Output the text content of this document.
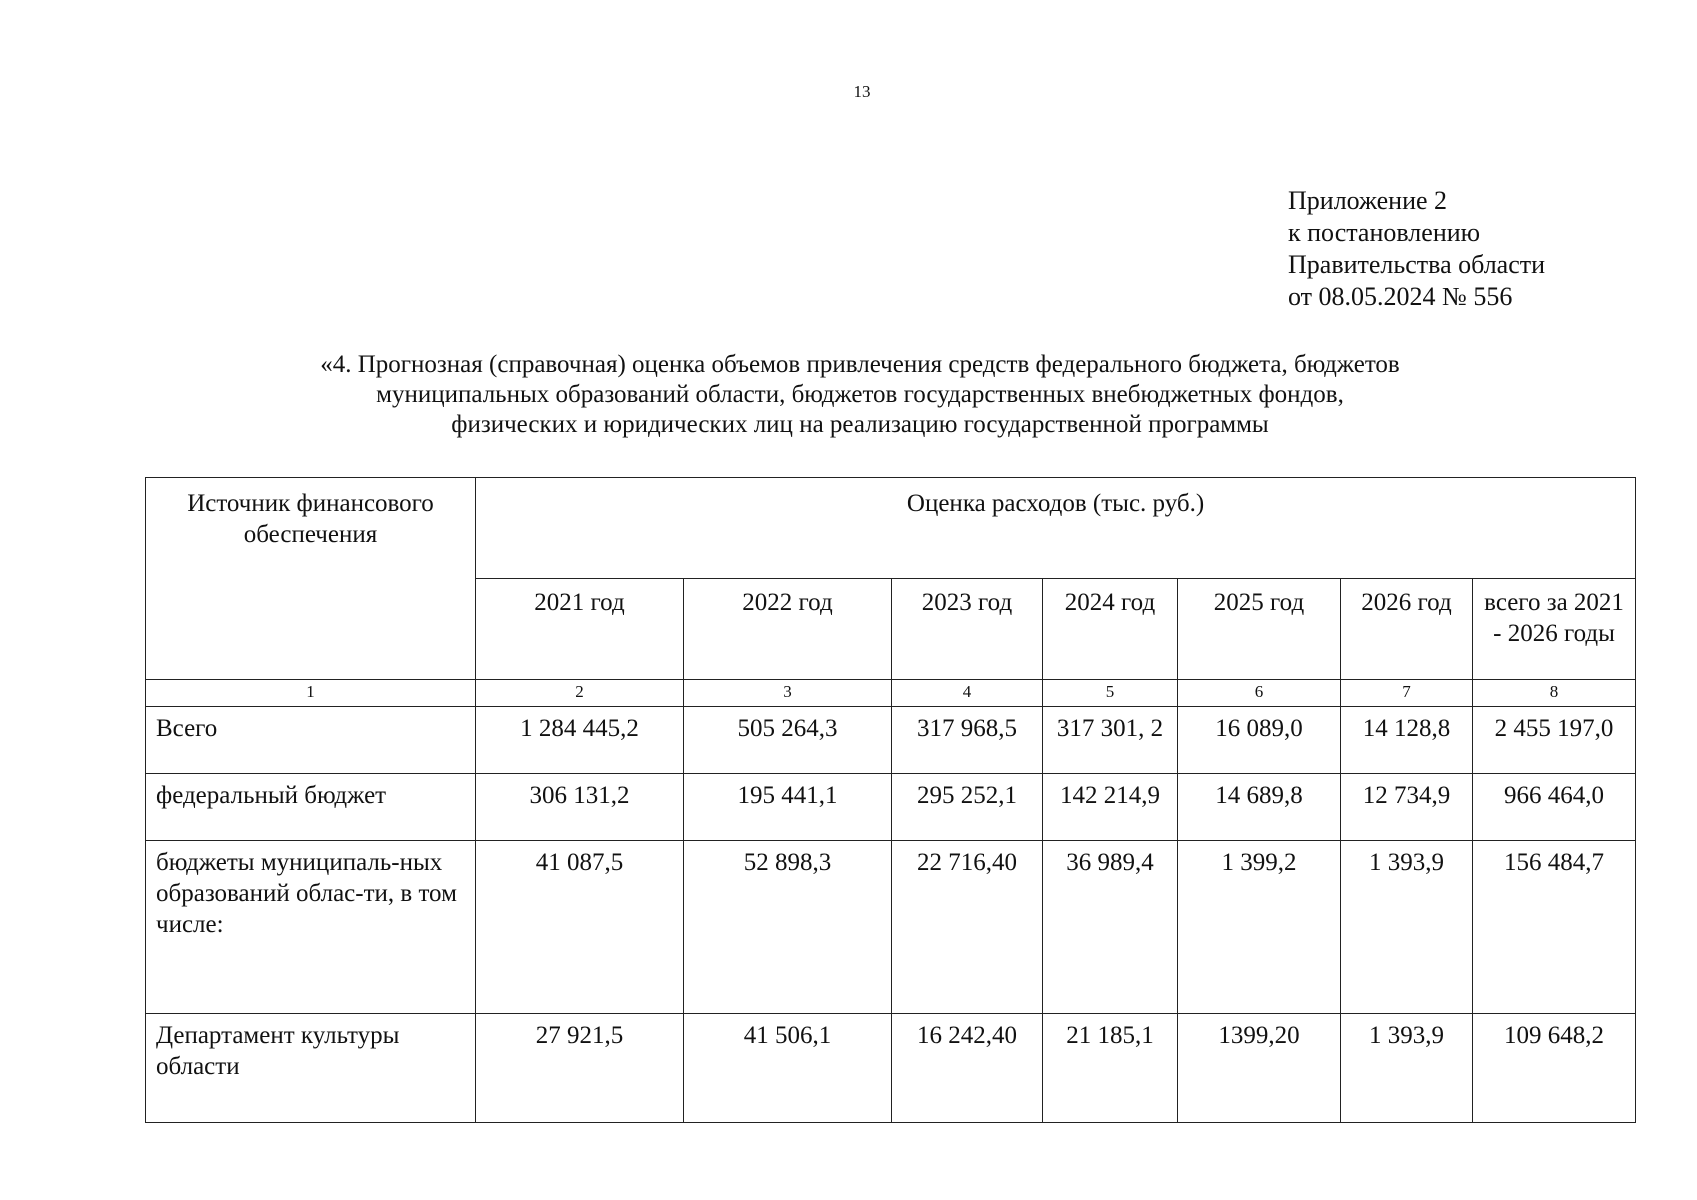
13
Приложение 2
к постановлению
Правительства области
от 08.05.2024 № 556
«4. Прогнозная (справочная) оценка объемов привлечения средств федерального бюджета, бюджетов
муниципальных образований области, бюджетов государственных внебюджетных фондов,
физических и юридических лиц на реализацию государственной программы
Источник финансового обеспечения	Оценка расходов (тыс. руб.)						
	2021 год	2022 год	2023 год	2024 год	2025 год	2026 год	всего за 2021 - 2026 годы
1	2	3	4	5	6	7	8
Всего	1 284 445,2	505 264,3	317 968,5	317 301, 2	16 089,0	14 128,8	2 455 197,0
федеральный бюджет	306 131,2	195 441,1	295 252,1	142 214,9	14 689,8	12 734,9	966 464,0
бюджеты муниципаль-ных образований облас-ти, в том числе:	41 087,5	52 898,3	22 716,40	36 989,4	1 399,2	1 393,9	156 484,7
Департамент культуры области	27 921,5	41 506,1	16 242,40	21 185,1	1399,20	1 393,9	109 648,2
